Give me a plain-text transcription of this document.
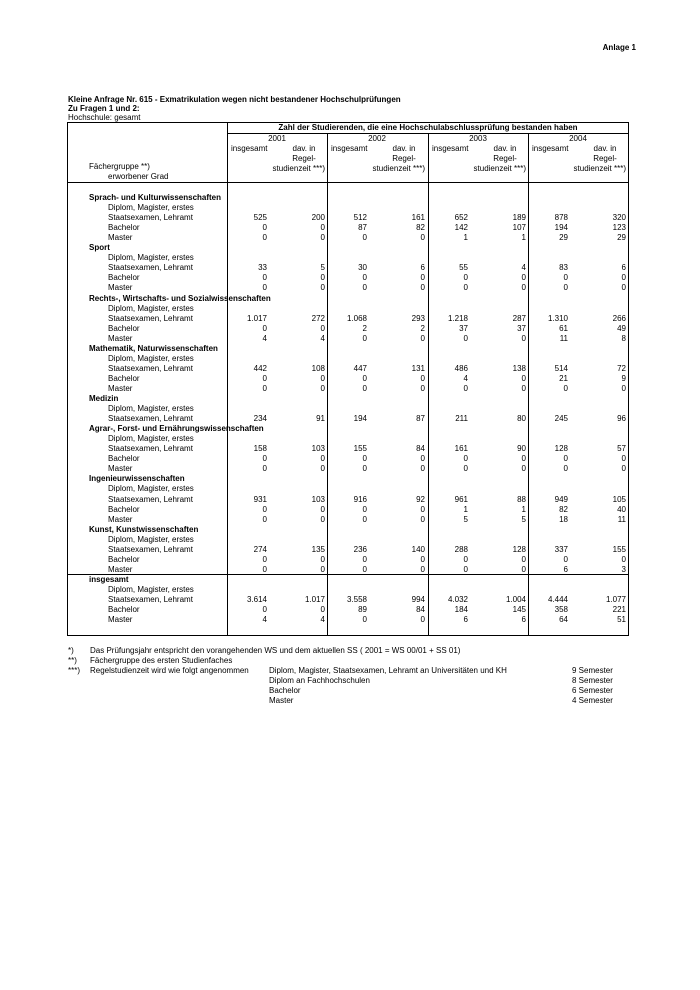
Anlage 1
Kleine Anfrage Nr. 615 - Exmatrikulation wegen nicht bestandener Hochschulprüfungen
Zu Fragen 1 und 2:
Hochschule: gesamt
Zahl der Studierenden, die eine Hochschulabschlussprüfung bestanden haben
2001
insgesamt	dav. in
Regel-
studienzeit ***)
2002
insgesamt	dav. in
Regel-
studienzeit ***)
2003
insgesamt	dav. in
Regel-
studienzeit ***)
2004
insgesamt	dav. in
Regel-
studienzeit ***)
Fächergruppe **)
erworbener Grad
Sprach- und Kulturwissenschaften
Diplom, Magister, erstes
Staatsexamen, Lehramt	525	200	512	161	652	189	878	320
Bachelor	0	0	87	82	142	107	194	123
Master	0	0	0	0	1	1	29	29
Sport
Diplom, Magister, erstes
Staatsexamen, Lehramt	33	5	30	6	55	4	83	6
Bachelor	0	0	0	0	0	0	0	0
Master	0	0	0	0	0	0	0	0
Rechts-, Wirtschafts- und Sozialwissenschaften
Diplom, Magister, erstes
Staatsexamen, Lehramt	1.017	272	1.068	293	1.218	287	1.310	266
Bachelor	0	0	2	2	37	37	61	49
Master	4	4	0	0	0	0	11	8
Mathematik, Naturwissenschaften
Diplom, Magister, erstes
Staatsexamen, Lehramt	442	108	447	131	486	138	514	72
Bachelor	0	0	0	0	4	0	21	9
Master	0	0	0	0	0	0	0	0
Medizin
Diplom, Magister, erstes
Staatsexamen, Lehramt	234	91	194	87	211	80	245	96
Agrar-, Forst- und Ernährungswissenschaften
Diplom, Magister, erstes
Staatsexamen, Lehramt	158	103	155	84	161	90	128	57
Bachelor	0	0	0	0	0	0	0	0
Master	0	0	0	0	0	0	0	0
Ingenieurwissenschaften
Diplom, Magister, erstes
Staatsexamen, Lehramt	931	103	916	92	961	88	949	105
Bachelor	0	0	0	0	1	1	82	40
Master	0	0	0	0	5	5	18	11
Kunst, Kunstwissenschaften
Diplom, Magister, erstes
Staatsexamen, Lehramt	274	135	236	140	288	128	337	155
Bachelor	0	0	0	0	0	0	0	0
Master	0	0	0	0	0	0	6	3
insgesamt
Diplom, Magister, erstes
Staatsexamen, Lehramt	3.614	1.017	3.558	994	4.032	1.004	4.444	1.077
Bachelor	0	0	89	84	184	145	358	221
Master	4	4	0	0	6	6	64	51
*) Das Prüfungsjahr entspricht den vorangehenden WS und dem aktuellen SS ( 2001 = WS 00/01 + SS 01)
**) Fächergruppe des ersten Studienfaches
***) Regelstudienzeit wird wie folgt angenommen	Diplom, Magister, Staatsexamen, Lehramt an Universitäten und KH	9 Semester
Diplom an Fachhochschulen	8 Semester
Bachelor	6 Semester
Master	4 Semester
